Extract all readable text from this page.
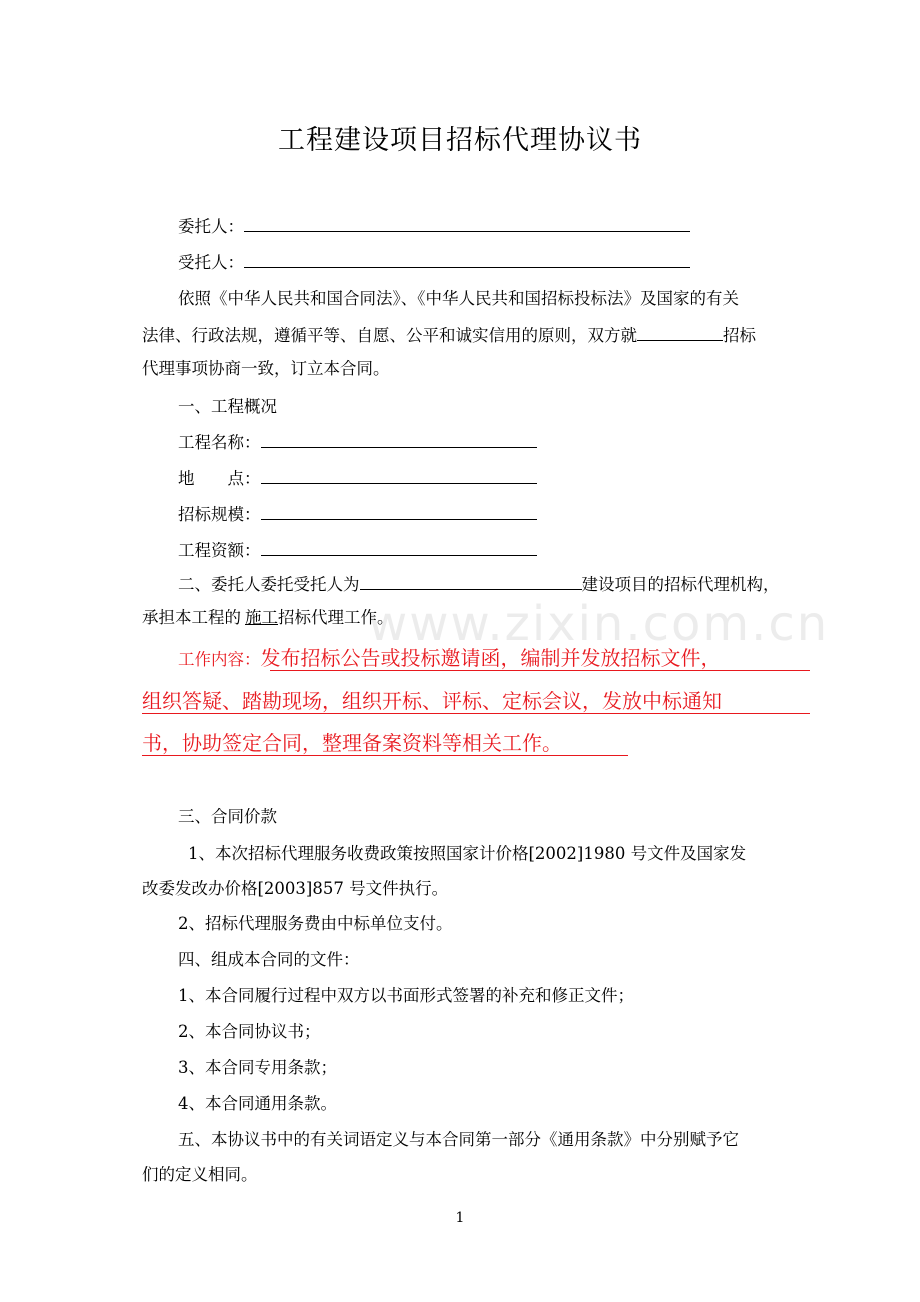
工程建设项目招标代理协议书
委托人：
受托人：
依照《中华人民共和国合同法》、《中华人民共和国招标投标法》及国家的有关
法律、行政法规，遵循平等、自愿、公平和诚实信用的原则，双方就	招标
代理事项协商一致，订立本合同。
一、工程概况
工程名称：
地　　点：
招标规模：
工程资额：
二、委托人委托受托人为	建设项目的招标代理机构，
承担本工程的 施工招标代理工作。
工作内容：发布招标公告或投标邀请函，编制并发放招标文件，
组织答疑、踏勘现场，组织开标、评标、定标会议，发放中标通知
书，协助签定合同，整理备案资料等相关工作。
三、合同价款
1、本次招标代理服务收费政策按照国家计价格[2002]1980 号文件及国家发
改委发改办价格[2003]857 号文件执行。
2、招标代理服务费由中标单位支付。
四、组成本合同的文件：
1、本合同履行过程中双方以书面形式签署的补充和修正文件；
2、本合同协议书；
3、本合同专用条款；
4、本合同通用条款。
五、本协议书中的有关词语定义与本合同第一部分《通用条款》中分别赋予它
们的定义相同。
www.zixin.com.cn
1
